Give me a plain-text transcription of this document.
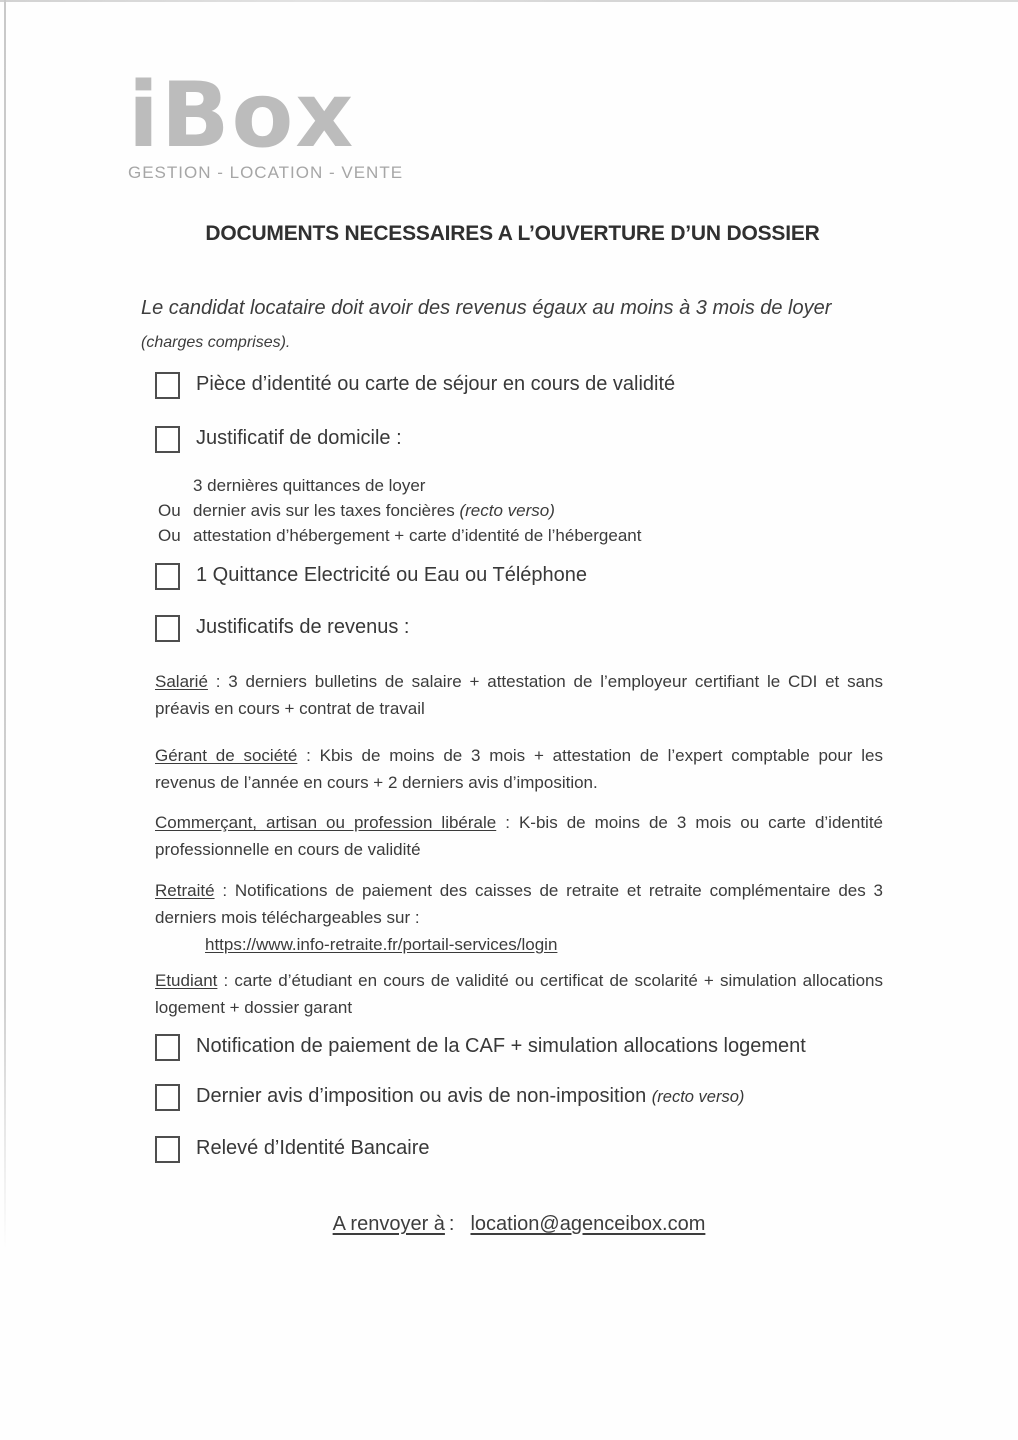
iBox
GESTION - LOCATION - VENTE
DOCUMENTS NECESSAIRES A L’OUVERTURE D’UN DOSSIER

Le candidat locataire doit avoir des revenus égaux au moins à 3 mois de loyer (charges comprises).

Pièce d’identité ou carte de séjour en cours de validité
Justificatif de domicile :
3 dernières quittances de loyer
Ou dernier avis sur les taxes foncières (recto verso)
Ou attestation d’hébergement + carte d’identité de l’hébergeant
1 Quittance Electricité ou Eau ou Téléphone
Justificatifs de revenus :

Salarié : 3 derniers bulletins de salaire + attestation de l’employeur certifiant le CDI et sans préavis en cours + contrat de travail

Gérant de société : Kbis de moins de 3 mois + attestation de l’expert comptable pour les revenus de l’année en cours + 2 derniers avis d’imposition.

Commerçant, artisan ou profession libérale : K-bis de moins de 3 mois ou carte d’identité professionnelle en cours de validité

Retraité : Notifications de paiement des caisses de retraite et retraite complémentaire des 3 derniers mois téléchargeables sur :
https://www.info-retraite.fr/portail-services/login

Etudiant : carte d’étudiant en cours de validité ou certificat de scolarité + simulation allocations logement + dossier garant

Notification de paiement de la CAF + simulation allocations logement
Dernier avis d’imposition ou avis de non-imposition (recto verso)
Relevé d’Identité Bancaire
A renvoyer à : location@agenceibox.com
